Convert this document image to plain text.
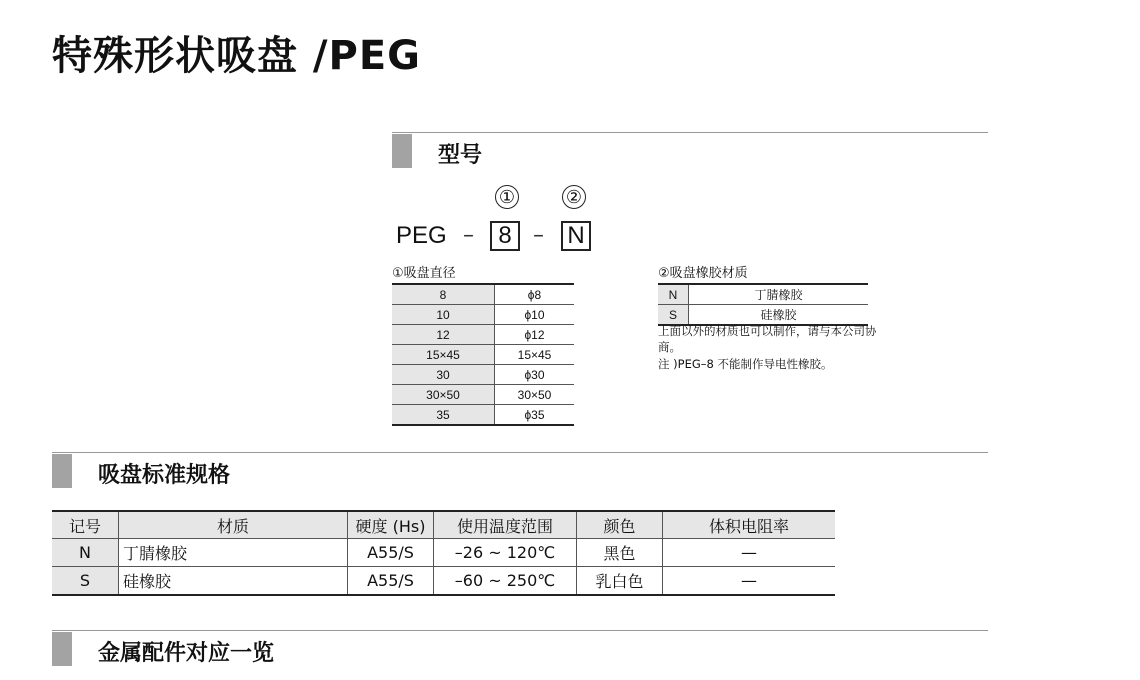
特殊形状吸盘 /PEG
型号
①	②
PEG –	8 – N
①吸盘直径
8	ϕ8
10	ϕ10
12	ϕ12
15×45	15×45
30	ϕ30
30×50	30×50
35	ϕ35
②吸盘橡胶材质
N	丁腈橡胶
S	硅橡胶
上面以外的材质也可以制作，请与本公司协商。
注 )PEG–8 不能制作导电性橡胶。
吸盘标准规格
记号	材质	硬度 (Hs)	使用温度范围	颜色	体积电阻率
N	丁腈橡胶	A55/S	–26 ~ 120℃	黑色	—
S	硅橡胶	A55/S	–60 ~ 250℃	乳白色	—
金属配件对应一览
